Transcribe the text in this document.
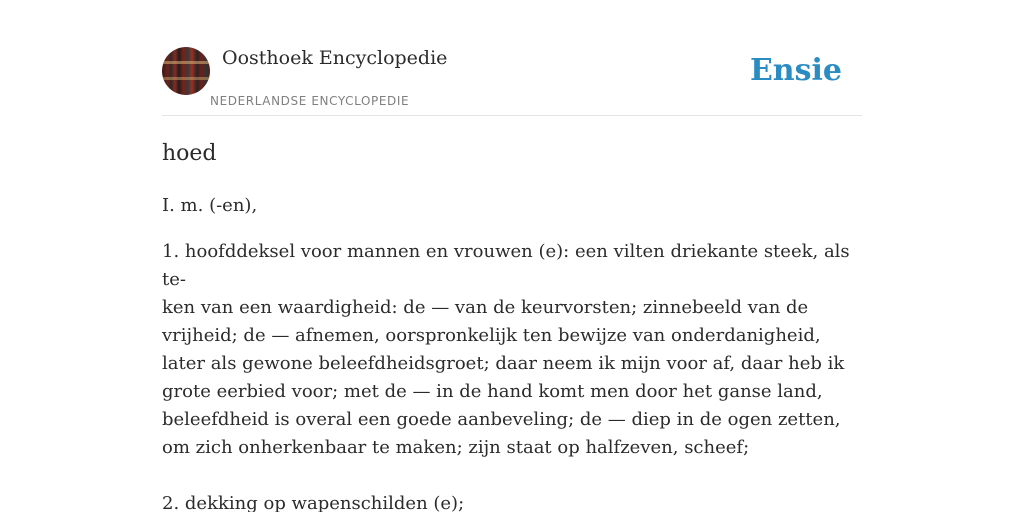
Oosthoek Encyclopedie
NEDERLANDSE ENCYCLOPEDIE
Ensie
hoed

I. m. (-en),

1. hoofddeksel voor mannen en vrouwen (e): een vilten driekante steek, als te-

ken van een waardigheid: de — van de keurvorsten; zinnebeeld van de vrijheid; de — afnemen, oorspronkelijk ten bewijze van onderdanigheid, later als gewone beleefdheidsgroet; daar neem ik mijn voor af, daar heb ik grote eerbied voor; met de — in de hand komt men door het ganse land, beleefdheid is overal een goede aanbeveling; de — diep in de ogen zetten, om zich onherkenbaar te maken; zijn staat op halfzeven, scheef;

2. dekking op wapenschilden (e);
